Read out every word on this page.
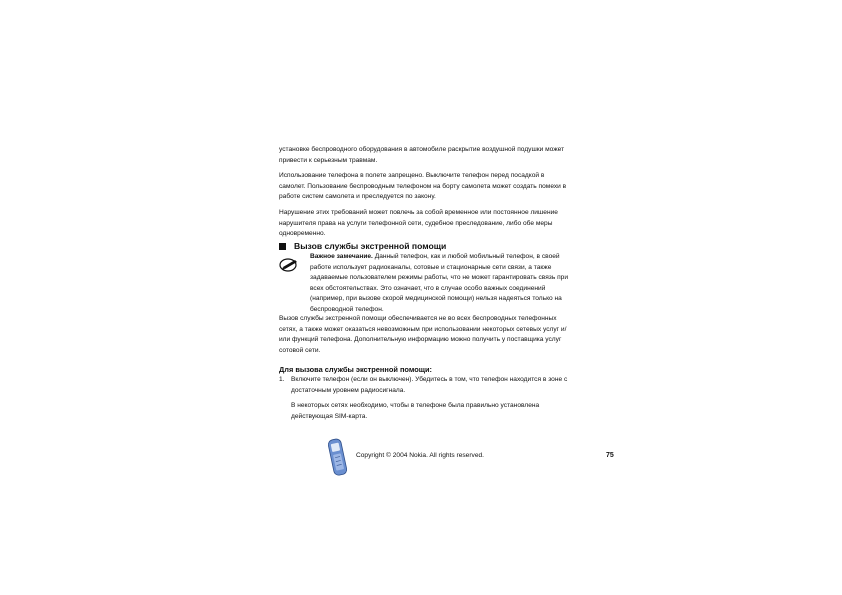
установке беспроводного оборудования в автомобиле раскрытие воздушной подушки может привести к серьезным травмам.

Использование телефона в полете запрещено. Выключите телефон перед посадкой в самолет. Пользование беспроводным телефоном на борту самолета может создать помехи в работе систем самолета и преследуется по закону.

Нарушение этих требований может повлечь за собой временное или постоянное лишение нарушителя права на услуги телефонной сети, судебное преследование, либо обе меры одновременно.

Вызов службы экстренной помощи
Важное замечание. Данный телефон, как и любой мобильный телефон, в своей работе использует радиоканалы, сотовые и стационарные сети связи, а также задаваемые пользователем режимы работы, что не может гарантировать связь при всех обстоятельствах. Это означает, что в случае особо важных соединений (например, при вызове скорой медицинской помощи) нельзя надеяться только на беспроводной телефон.

Вызов службы экстренной помощи обеспечивается не во всех беспроводных телефонных сетях, а также может оказаться невозможным при использовании некоторых сетевых услуг и/или функций телефона. Дополнительную информацию можно получить у поставщика услуг сотовой сети.

Для вызова службы экстренной помощи:
1. Включите телефон (если он выключен). Убедитесь в том, что телефон находится в зоне с достаточным уровнем радиосигнала.
В некоторых сетях необходимо, чтобы в телефоне была правильно установлена действующая SIM-карта.
Copyright © 2004 Nokia. All rights reserved.	75
